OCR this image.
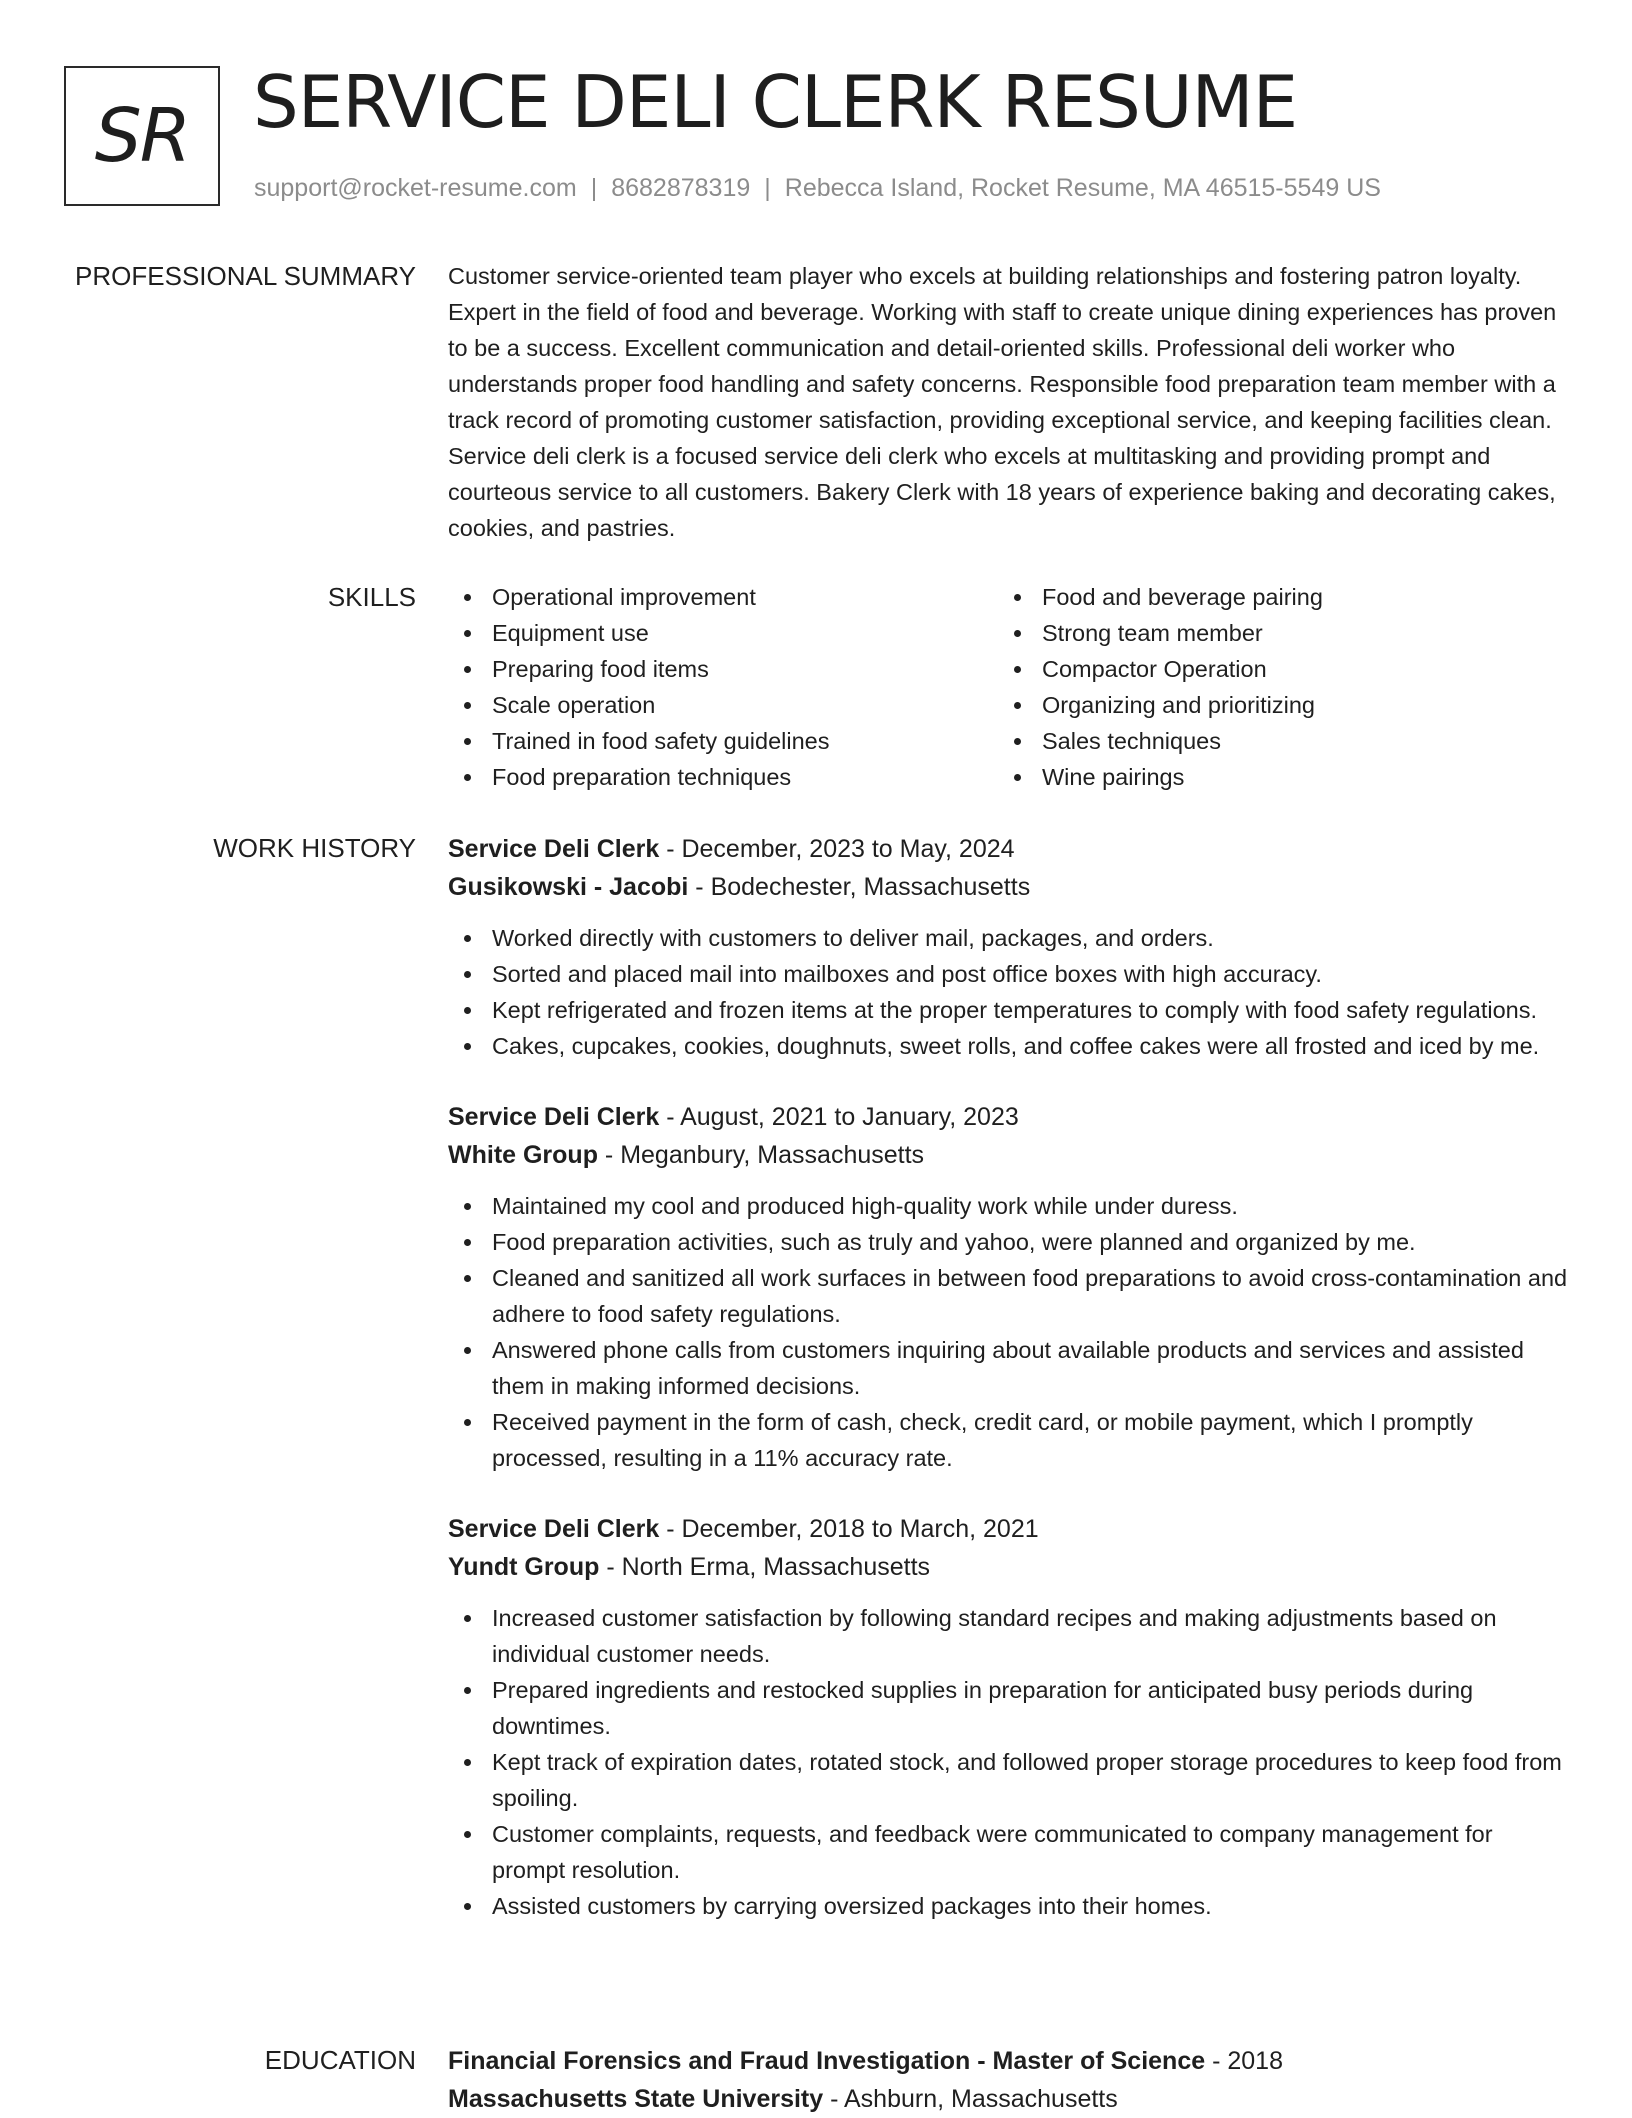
SR SERVICE DELI CLERK RESUME
support@rocket-resume.com | 8682878319 | Rebecca Island, Rocket Resume, MA 46515-5549 US
PROFESSIONAL SUMMARY Customer service-oriented team player who excels at building relationships and fostering patron loyalty. Expert in the field of food and beverage. Working with staff to create unique dining experiences has proven to be a success. Excellent communication and detail-oriented skills. Professional deli worker who understands proper food handling and safety concerns. Responsible food preparation team member with a track record of promoting customer satisfaction, providing exceptional service, and keeping facilities clean. Service deli clerk is a focused service deli clerk who excels at multitasking and providing prompt and courteous service to all customers. Bakery Clerk with 18 years of experience baking and decorating cakes, cookies, and pastries.

SKILLS	Operational improvement
Equipment use
Preparing food items
Scale operation
Trained in food safety guidelines
Food preparation techniques
Food and beverage pairing
Strong team member
Compactor Operation
Organizing and prioritizing
Sales techniques
Wine pairings
WORK HISTORY Service Deli Clerk - December, 2023 to May, 2024
Gusikowski - Jacobi - Bodechester, Massachusetts
Worked directly with customers to deliver mail, packages, and orders.
Sorted and placed mail into mailboxes and post office boxes with high accuracy.
Kept refrigerated and frozen items at the proper temperatures to comply with food safety regulations.
Cakes, cupcakes, cookies, doughnuts, sweet rolls, and coffee cakes were all frosted and iced by me.
Service Deli Clerk - August, 2021 to January, 2023
White Group - Meganbury, Massachusetts
Maintained my cool and produced high-quality work while under duress.
Food preparation activities, such as truly and yahoo, were planned and organized by me.
Cleaned and sanitized all work surfaces in between food preparations to avoid cross-contamination and adhere to food safety regulations.
Answered phone calls from customers inquiring about available products and services and assisted them in making informed decisions.
Received payment in the form of cash, check, credit card, or mobile payment, which I promptly processed, resulting in a 11% accuracy rate.
Service Deli Clerk - December, 2018 to March, 2021
Yundt Group - North Erma, Massachusetts
Increased customer satisfaction by following standard recipes and making adjustments based on individual customer needs.
Prepared ingredients and restocked supplies in preparation for anticipated busy periods during downtimes.
Kept track of expiration dates, rotated stock, and followed proper storage procedures to keep food from spoiling.
Customer complaints, requests, and feedback were communicated to company management for prompt resolution.
Assisted customers by carrying oversized packages into their homes.
EDUCATION Financial Forensics and Fraud Investigation - Master of Science - 2018
Massachusetts State University - Ashburn, Massachusetts
